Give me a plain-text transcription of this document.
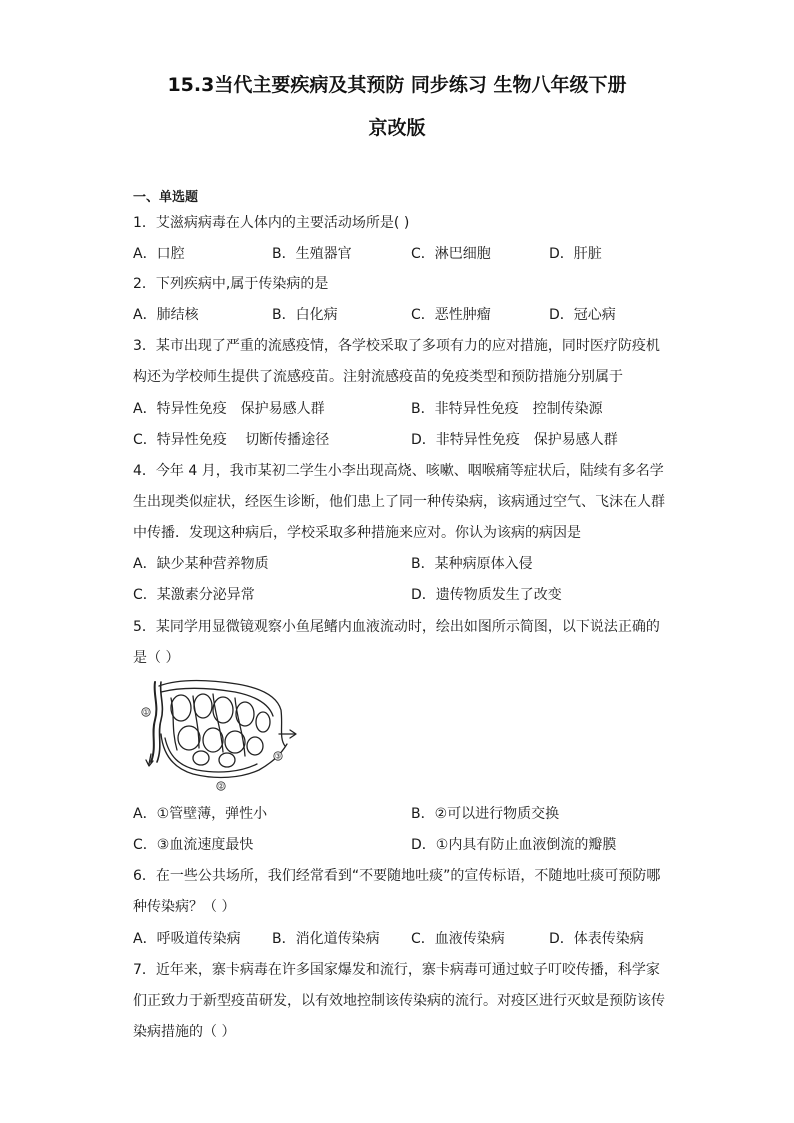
15.3当代主要疾病及其预防 同步练习 生物八年级下册
京改版
一、单选题
1．艾滋病病毒在人体内的主要活动场所是( )
A．口腔	B．生殖器官	C．淋巴细胞	D．肝脏
2．下列疾病中,属于传染病的是
A．肺结核	B．白化病	C．恶性肿瘤	D．冠心病
3．某市出现了严重的流感疫情，各学校采取了多项有力的应对措施，同时医疗防疫机
构还为学校师生提供了流感疫苗。注射流感疫苗的免疫类型和预防措施分别属于
A．特异性免疫　保护易感人群	B．非特异性免疫　控制传染源
C．特异性免疫　 切断传播途径	D．非特异性免疫　保护易感人群
4．今年 4 月，我市某初二学生小李出现高烧、咳嗽、咽喉痛等症状后，陆续有多名学
生出现类似症状，经医生诊断，他们患上了同一种传染病，该病通过空气、飞沫在人群
中传播．发现这种病后，学校采取多种措施来应对。你认为该病的病因是
A．缺少某种营养物质	B．某种病原体入侵
C．某激素分泌异常	D．遗传物质发生了改变
5．某同学用显微镜观察小鱼尾鳍内血液流动时，绘出如图所示简图，以下说法正确的
是（ ）
①
②
③
A．①管壁薄，弹性小	B．②可以进行物质交换
C．③血流速度最快	D．①内具有防止血液倒流的瓣膜
6．在一些公共场所，我们经常看到“不要随地吐痰”的宣传标语，不随地吐痰可预防哪
种传染病？（ ）
A．呼吸道传染病 B．消化道传染病 C．血液传染病	D．体表传染病
7．近年来，寨卡病毒在许多国家爆发和流行，寨卡病毒可通过蚊子叮咬传播，科学家
们正致力于新型疫苗研发，以有效地控制该传染病的流行。对疫区进行灭蚊是预防该传
染病措施的（ ）
